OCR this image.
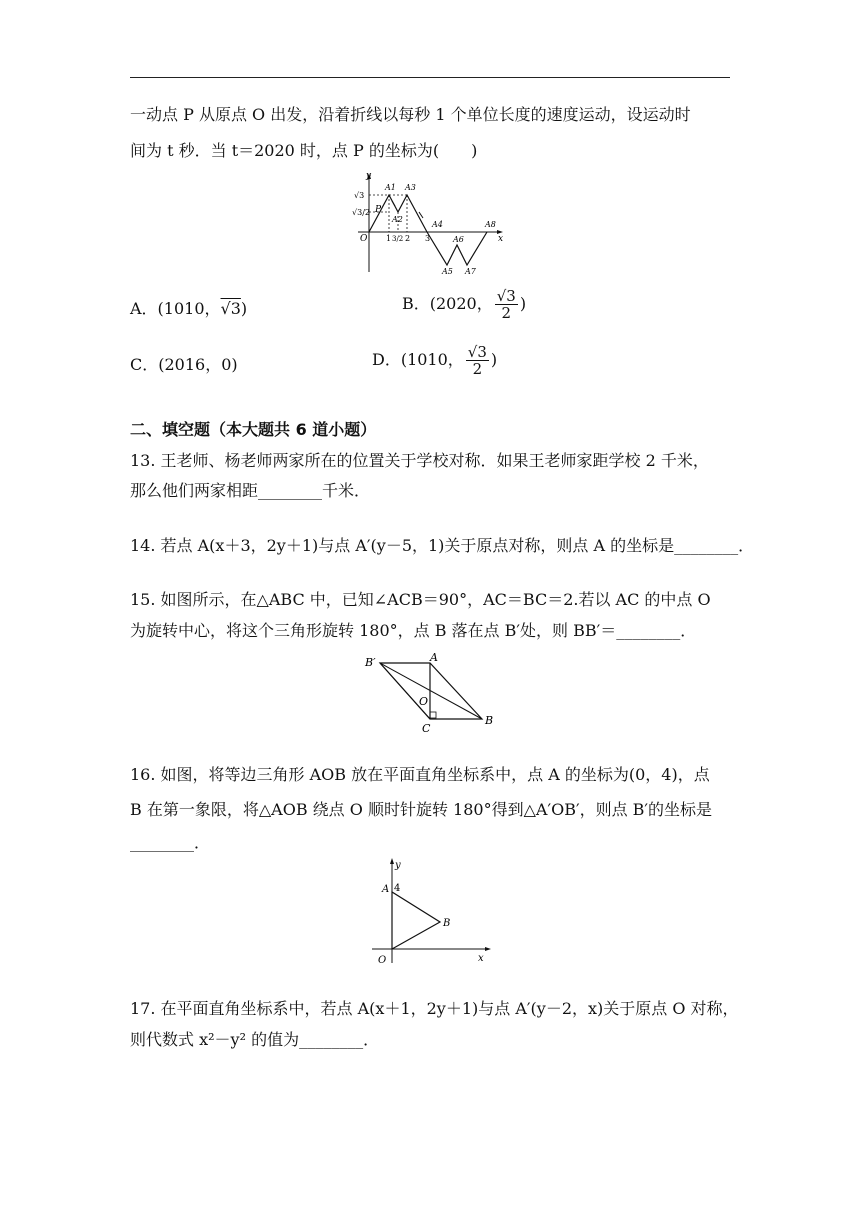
一动点 P 从原点 O 出发，沿着折线以每秒 1 个单位长度的速度运动，设运动时
间为 t 秒．当 t＝2020 时，点 P 的坐标为(　　)
y
√3
√3/2
A1 A3
P
A2
O 1 3/2 2 3
A4
A6
A8
x
A5 A7
A．(1010，√3)	B．(2020， $\frac{√3}{2}$ )
C．(2016，0)	D．(1010， $\frac{√3}{2}$ )
二、填空题（本大题共 6 道小题）
13. 王老师、杨老师两家所在的位置关于学校对称．如果王老师家距学校 2 千米，
那么他们两家相距________千米．
14. 若点 A(x＋3，2y＋1)与点 A′(y－5，1)关于原点对称，则点 A 的坐标是________．
15. 如图所示，在△ABC 中，已知∠ACB＝90°，AC＝BC＝2.若以 AC 的中点 O
为旋转中心，将这个三角形旋转 180°，点 B 落在点 B′处，则 BB′＝________．
B′	A
O
B
C
16. 如图，将等边三角形 AOB 放在平面直角坐标系中，点 A 的坐标为(0，4)，点
B 在第一象限，将△AOB 绕点 O 顺时针旋转 180°得到△A′OB′，则点 B′的坐标是
________．
y
A 4
B
O	x
17. 在平面直角坐标系中，若点 A(x＋1，2y＋1)与点 A′(y－2，x)关于原点 O 对称，
则代数式 x²－y² 的值为________．
